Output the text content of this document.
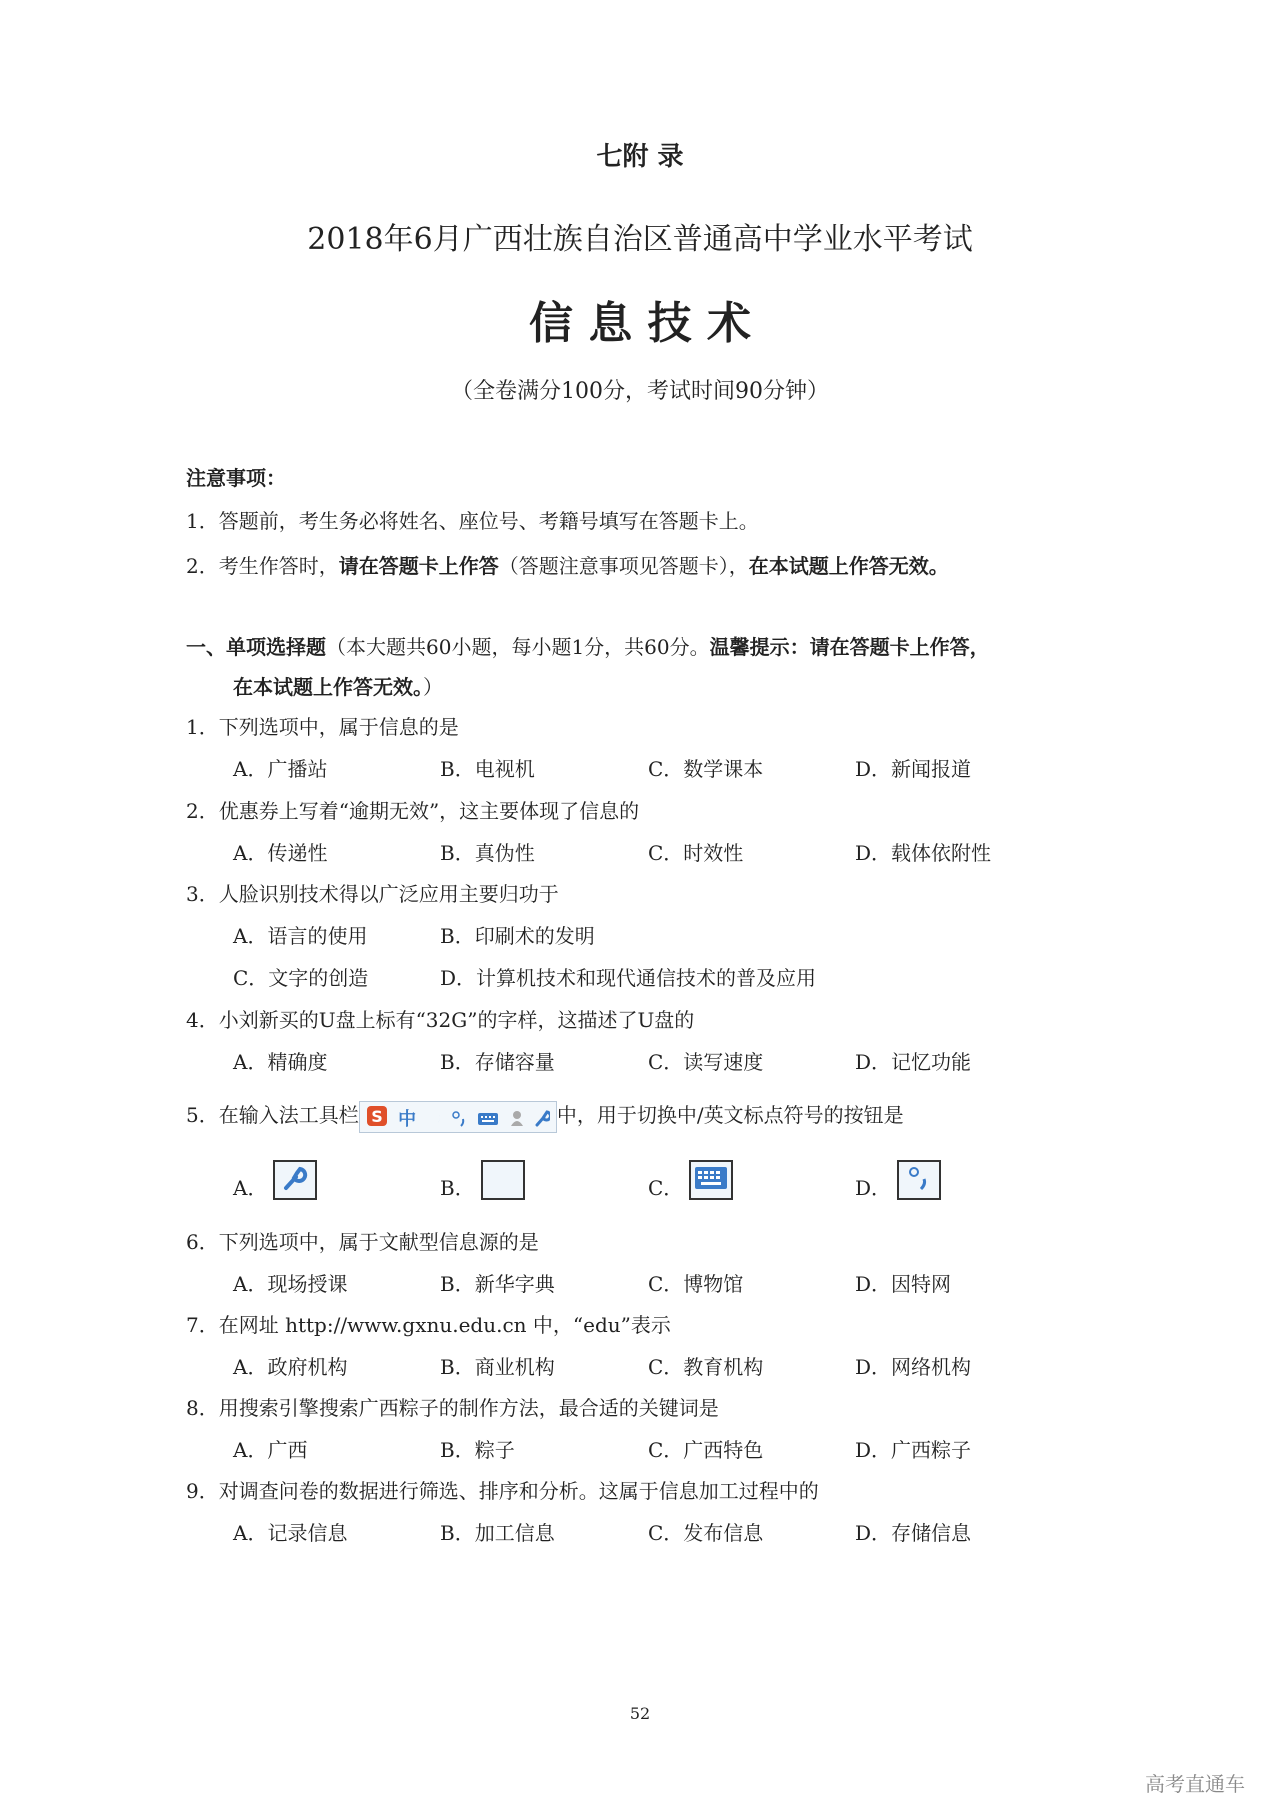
七附 录
2018年6月广西壮族自治区普通高中学业水平考试
信 息 技 术
（全卷满分100分，考试时间90分钟）
注意事项：
1．答题前，考生务必将姓名、座位号、考籍号填写在答题卡上。
2．考生作答时，请在答题卡上作答（答题注意事项见答题卡），在本试题上作答无效。
一、单项选择题（本大题共60小题，每小题1分，共60分。温馨提示：请在答题卡上作答，
在本试题上作答无效。）
1．下列选项中，属于信息的是
A．广播站	B．电视机	C．数学课本	D．新闻报道
2．优惠券上写着“逾期无效”，这主要体现了信息的
A．传递性	B．真伪性	C．时效性	D．载体依附性
3．人脸识别技术得以广泛应用主要归功于
A．语言的使用	B．印刷术的发明
C．文字的创造	D．计算机技术和现代通信技术的普及应用
4．小刘新买的U盘上标有“32G”的字样，这描述了U盘的
A．精确度	B．存储容量	C．读写速度	D．记忆功能
5．在输入法工具栏 S 中	中，用于切换中/英文标点符号的按钮是
A．	B．	C．	D．
6．下列选项中，属于文献型信息源的是
A．现场授课	B．新华字典	C．博物馆	D．因特网
7．在网址 http://www.gxnu.edu.cn 中，“edu”表示
A．政府机构	B．商业机构	C．教育机构	D．网络机构
8．用搜索引擎搜索广西粽子的制作方法，最合适的关键词是
A．广西	B．粽子	C．广西特色	D．广西粽子
9．对调查问卷的数据进行筛选、排序和分析。这属于信息加工过程中的
A．记录信息	B．加工信息	C．发布信息	D．存储信息
52
高考直通车
